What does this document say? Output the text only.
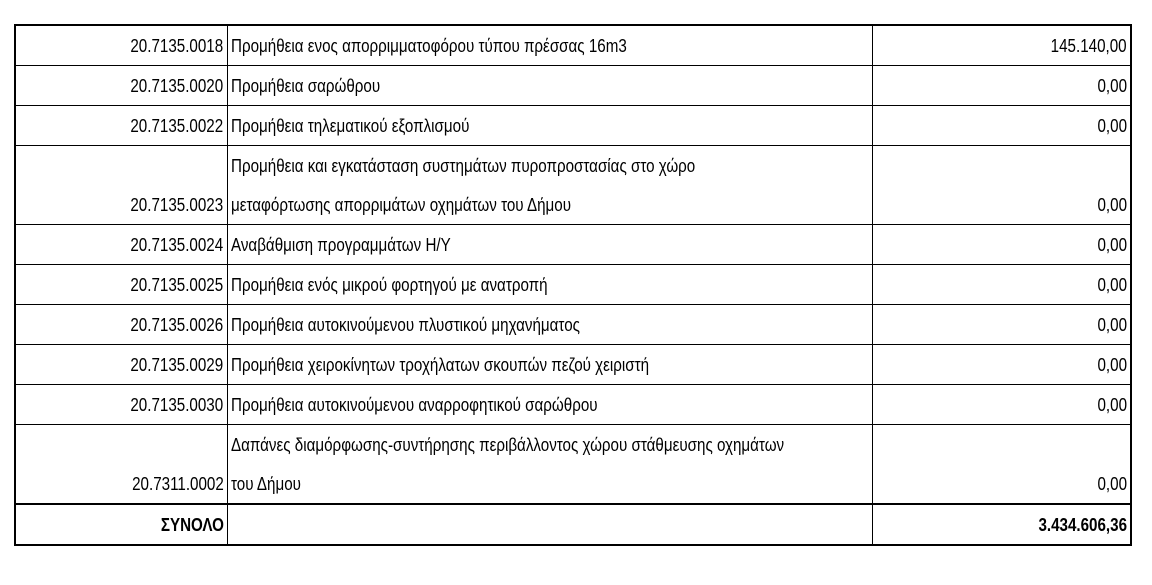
20.7135.0018	Προμήθεια ενος απορριμματοφόρου τύπου πρέσσας 16m3	145.140,00
20.7135.0020	Προμήθεια σαρώθρου	0,00
20.7135.0022	Προμήθεια τηλεματικού εξοπλισμού	0,00
20.7135.0023	Προμήθεια και εγκατάσταση συστημάτων πυροπροστασίας στο χώρο
μεταφόρτωσης απορριμάτων οχημάτων του Δήμου	0,00
20.7135.0024	Αναβάθμιση προγραμμάτων Η/Υ	0,00
20.7135.0025	Προμήθεια ενός μικρού φορτηγού με ανατροπή	0,00
20.7135.0026	Προμήθεια αυτοκινούμενου πλυστικού μηχανήματος	0,00
20.7135.0029	Προμήθεια χειροκίνητων τροχήλατων σκουπών πεζού χειριστή	0,00
20.7135.0030	Προμήθεια αυτοκινούμενου αναρροφητικού σαρώθρου	0,00
20.7311.0002	Δαπάνες διαμόρφωσης-συντήρησης περιβάλλοντος χώρου στάθμευσης οχημάτων
του Δήμου	0,00
ΣΥΝΟΛΟ		3.434.606,36
